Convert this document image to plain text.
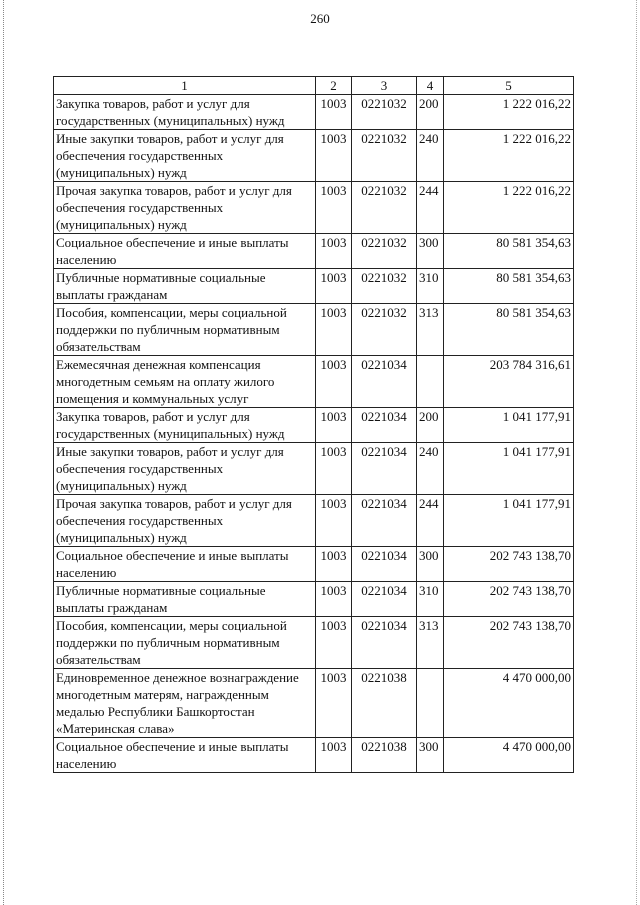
260
1	2	3	4	5
Закупка товаров, работ и услуг для государственных (муниципальных) нужд	1003	0221032	200	1 222 016,22
Иные закупки товаров, работ и услуг для обеспечения государственных (муниципальных) нужд	1003	0221032	240	1 222 016,22
Прочая закупка товаров, работ и услуг для обеспечения государственных (муниципальных) нужд	1003	0221032	244	1 222 016,22
Социальное обеспечение и иные выплаты населению	1003	0221032	300	80 581 354,63
Публичные нормативные социальные выплаты гражданам	1003	0221032	310	80 581 354,63
Пособия, компенсации, меры социальной поддержки по публичным нормативным обязательствам	1003	0221032	313	80 581 354,63
Ежемесячная денежная компенсация многодетным семьям на оплату жилого помещения и коммунальных услуг	1003	0221034		203 784 316,61
Закупка товаров, работ и услуг для государственных (муниципальных) нужд	1003	0221034	200	1 041 177,91
Иные закупки товаров, работ и услуг для обеспечения государственных (муниципальных) нужд	1003	0221034	240	1 041 177,91
Прочая закупка товаров, работ и услуг для обеспечения государственных (муниципальных) нужд	1003	0221034	244	1 041 177,91
Социальное обеспечение и иные выплаты населению	1003	0221034	300	202 743 138,70
Публичные нормативные социальные выплаты гражданам	1003	0221034	310	202 743 138,70
Пособия, компенсации, меры социальной поддержки по публичным нормативным обязательствам	1003	0221034	313	202 743 138,70
Единовременное денежное вознаграждение многодетным матерям, награжденным медалью Республики Башкортостан «Материнская слава»	1003	0221038		4 470 000,00
Социальное обеспечение и иные выплаты населению	1003	0221038	300	4 470 000,00
